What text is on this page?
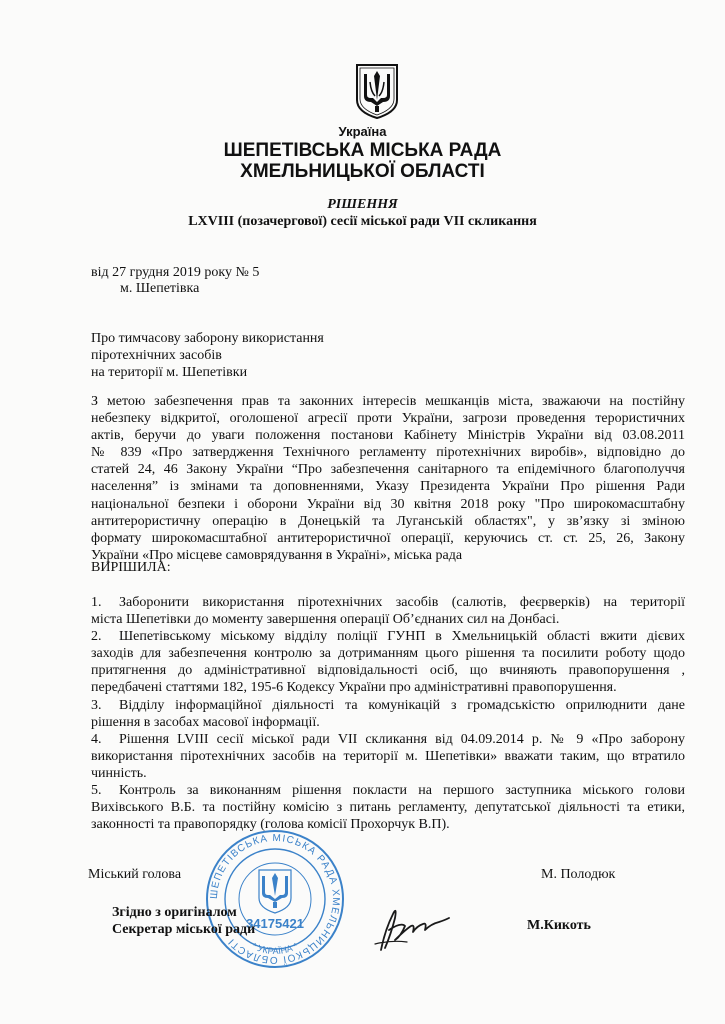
Україна
ШЕПЕТІВСЬКА МІСЬКА РАДА
ХМЕЛЬНИЦЬКОЇ ОБЛАСТІ
РІШЕННЯ
LXVIII (позачергової) сесії міської ради VII скликання
від 27 грудня 2019 року № 5
м. Шепетівка
Про тимчасову заборону використання
піротехнічних засобів
на території м. Шепетівки
З метою забезпечення прав та законних інтересів мешканців міста, зважаючи на постійну
небезпеку відкритої, оголошеної агресії проти України, загрози проведення терористичних
актів, беручи до уваги положення постанови Кабінету Міністрів України від 03.08.2011
№ 839 «Про затвердження Технічного регламенту піротехнічних виробів», відповідно до
статей 24, 46 Закону України “Про забезпечення санітарного та епідемічного благополуччя
населення” із змінами та доповненнями, Указу Президента України Про рішення Ради
національної безпеки і оборони України від 30 квітня 2018 року "Про широкомасштабну
антитерористичну операцію в Донецькій та Луганській областях", у зв’язку зі зміною
формату широкомасштабної антитерористичної операції, керуючись ст. ст. 25, 26, Закону
України «Про місцеве самоврядування в Україні», міська рада
ВИРІШИЛА:
1.	Заборонити використання піротехнічних засобів (салютів, феєрверків) на території
міста Шепетівки до моменту завершення операції Об’єднаних сил на Донбасі.
2.	Шепетівському міському відділу поліції ГУНП в Хмельницькій області вжити дієвих
заходів для забезпечення контролю за дотриманням цього рішення та посилити роботу щодо
притягнення до адміністративної відповідальності осіб, що вчиняють правопорушення ,
передбачені статтями 182, 195-6 Кодексу України про адміністративні правопорушення.
3.	Відділу інформаційної діяльності та комунікацій з громадськістю оприлюднити дане
рішення в засобах масової інформації.
4.	Рішення LVIII сесії міської ради VII скликання від 04.09.2014 р. № 9 «Про заборону
використання піротехнічних засобів на території м. Шепетівки» вважати таким, що втратило
чинність.
5.	Контроль за виконанням рішення покласти на першого заступника міського голови
Вихівського В.Б. та постійну комісію з питань регламенту, депутатської діяльності та етики,
законності та правопорядку (голова комісії Прохорчук В.П).
ШЕПЕТІВСЬКА МІСЬКА РАДА ХМЕЛЬНИЦЬКОЇ ОБЛАСТІ	* УКРАЇНА *
34175421
Міський голова	М. Полодюк
Згідно з оригіналом
Секретар міської ради	М.Кикоть
